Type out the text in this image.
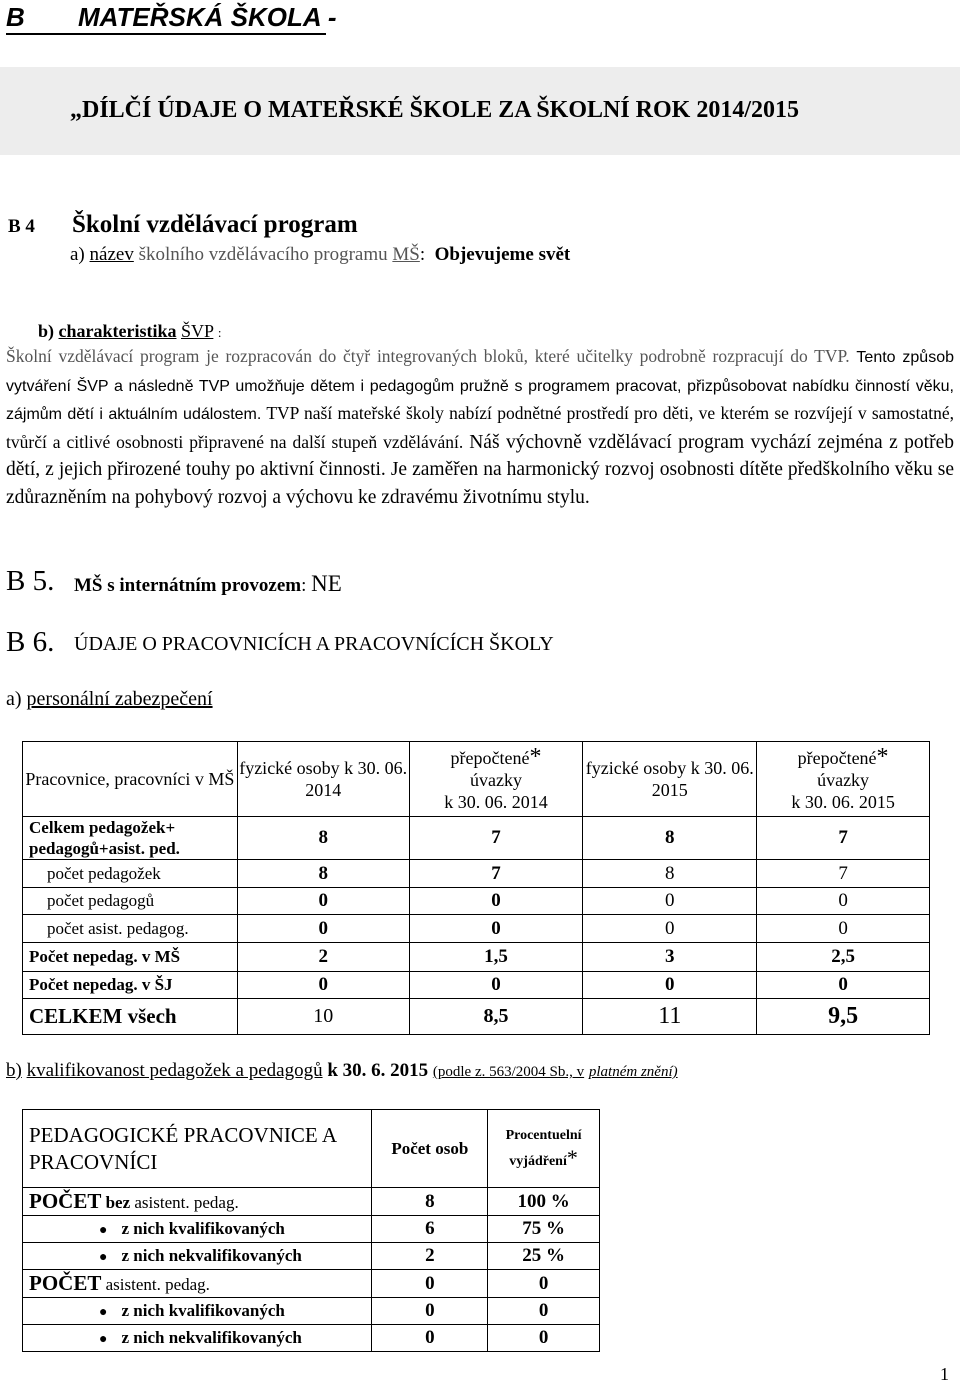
B MATEŘSKÁ ŠKOLA -
„DÍLČÍ ÚDAJE O MATEŘSKÉ ŠKOLE ZA ŠKOLNÍ ROK 2014/2015
B 4 Školní vzdělávací program
a) název školního vzdělávacího programu MŠ: Objevujeme svět
b) charakteristika ŠVP :
Školní vzdělávací program je rozpracován do čtyř integrovaných bloků, které učitelky podrobně rozpracují do TVP. Tento způsob vytváření ŠVP a následně TVP umožňuje dětem i pedagogům pružně s programem pracovat, přizpůsobovat nabídku činností věku, zájmům dětí i aktuálním událostem. TVP naší mateřské školy nabízí podnětné prostředí pro děti, ve kterém se rozvíjejí v samostatné, tvůrčí a citlivé osobnosti připravené na další stupeň vzdělávání. Náš výchovně vzdělávací program vychází zejména z potřeb dětí, z jejich přirozené touhy po aktivní činnosti. Je zaměřen na harmonický rozvoj osobnosti dítěte předškolního věku se zdůrazněním na pohybový rozvoj a výchovu ke zdravému životnímu stylu.
B 5. MŠ s internátním provozem: NE
B 6. ÚDAJE O PRACOVNICÍCH A PRACOVNÍCÍCH ŠKOLY
a) personální zabezpečení
Pracovnice, pracovníci v MŠ	fyzické osoby k 30. 06. 2014	přepočtené*
úvazky
k 30. 06. 2014	fyzické osoby k 30. 06. 2015	přepočtené*
úvazky
k 30. 06. 2015
Celkem pedagožek+ pedagogů+asist. ped.	8	7	8	7
počet pedagožek	8	7	8	7
počet pedagogů	0	0	0	0
počet asist. pedagog.	0	0	0	0
Počet nepedag. v MŠ	2	1,5	3	2,5
Počet nepedag. v ŠJ	0	0	0	0
CELKEM všech	10	8,5	11	9,5
b) kvalifikovanost pedagožek a pedagogů k 30. 6. 2015 (podle z. 563/2004 Sb., v platném znění)
PEDAGOGICKÉ PRACOVNICE A PRACOVNÍCI	Počet osob	Procentuelní
vyjádření*
POČET bez asistent. pedag.	8	100 %
● z nich kvalifikovaných	6	75 %
● z nich nekvalifikovaných	2	25 %
POČET asistent. pedag.	0	0
● z nich kvalifikovaných	0	0
● z nich nekvalifikovaných	0	0
1
